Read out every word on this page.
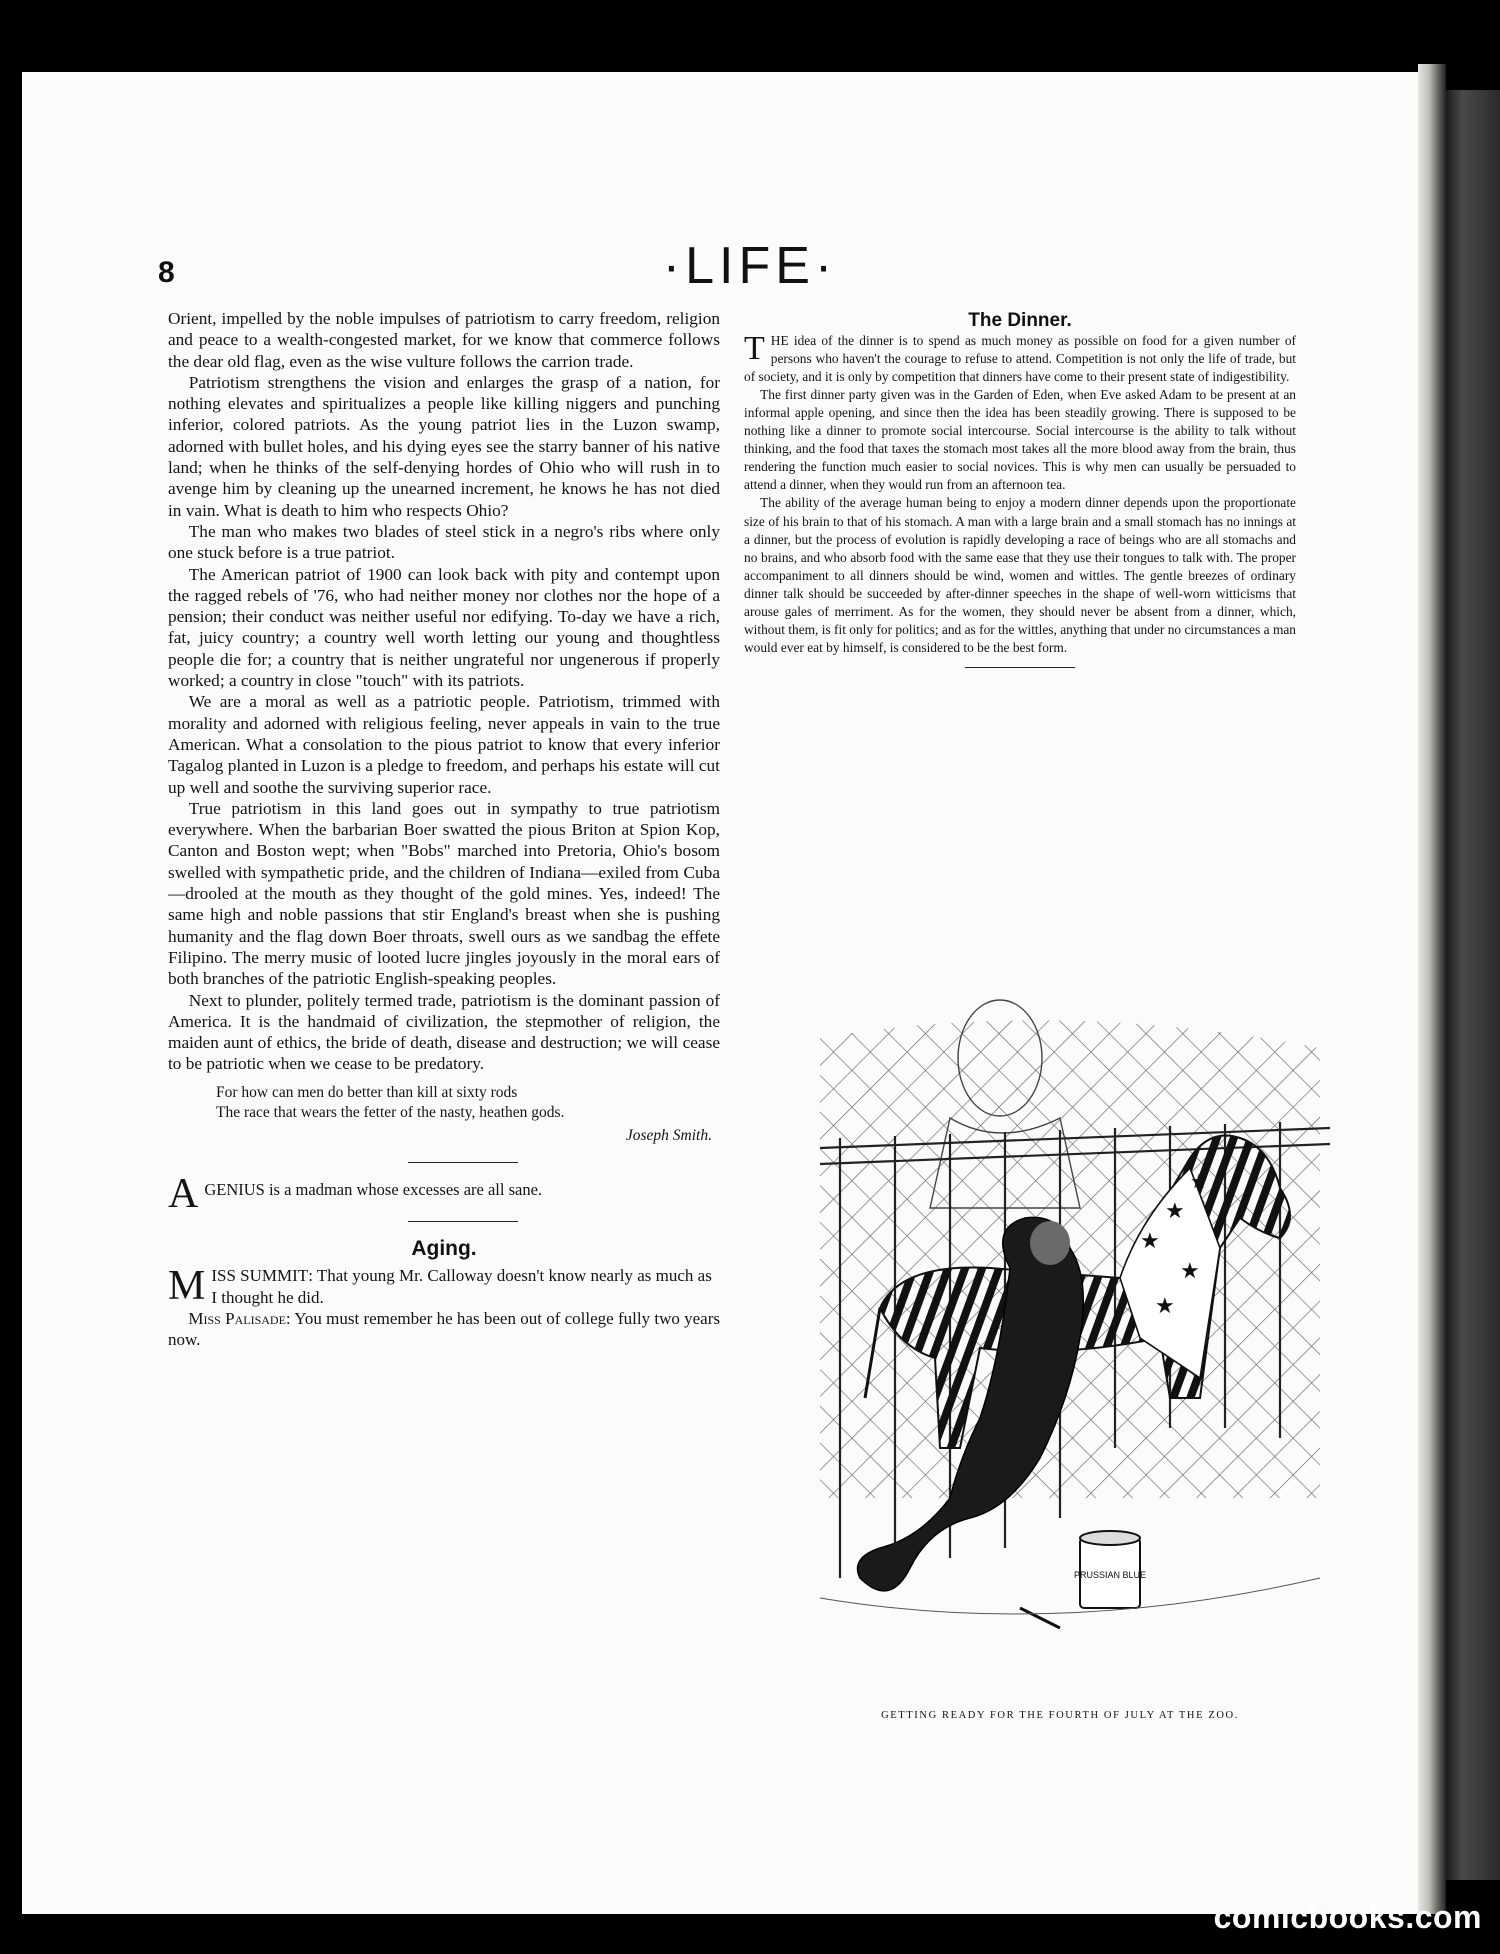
8	·LIFE·

Orient, impelled by the noble impulses of patriotism to carry freedom, religion and peace to a wealth-congested market, for we know that commerce follows the dear old flag, even as the wise vulture follows the carrion trade.

Patriotism strengthens the vision and enlarges the grasp of a nation, for nothing elevates and spiritualizes a people like killing niggers and punching inferior, colored patriots. As the young patriot lies in the Luzon swamp, adorned with bullet holes, and his dying eyes see the starry banner of his native land; when he thinks of the self-denying hordes of Ohio who will rush in to avenge him by cleaning up the unearned increment, he knows he has not died in vain. What is death to him who respects Ohio?

The man who makes two blades of steel stick in a negro's ribs where only one stuck before is a true patriot.

The American patriot of 1900 can look back with pity and contempt upon the ragged rebels of '76, who had neither money nor clothes nor the hope of a pension; their conduct was neither useful nor edifying. To-day we have a rich, fat, juicy country; a country well worth letting our young and thoughtless people die for; a country that is neither ungrateful nor ungenerous if properly worked; a country in close "touch" with its patriots.

We are a moral as well as a patriotic people. Patriotism, trimmed with morality and adorned with religious feeling, never appeals in vain to the true American. What a consolation to the pious patriot to know that every inferior Tagalog planted in Luzon is a pledge to freedom, and perhaps his estate will cut up well and soothe the surviving superior race.

True patriotism in this land goes out in sympathy to true patriotism everywhere. When the barbarian Boer swatted the pious Briton at Spion Kop, Canton and Boston wept; when "Bobs" marched into Pretoria, Ohio's bosom swelled with sympathetic pride, and the children of Indiana—exiled from Cuba—drooled at the mouth as they thought of the gold mines. Yes, indeed! The same high and noble passions that stir England's breast when she is pushing humanity and the flag down Boer throats, swell ours as we sandbag the effete Filipino. The merry music of looted lucre jingles joyously in the moral ears of both branches of the patriotic English-speaking peoples.

Next to plunder, politely termed trade, patriotism is the dominant passion of America. It is the handmaid of civilization, the stepmother of religion, the maiden aunt of ethics, the bride of death, disease and destruction; we will cease to be patriotic when we cease to be predatory.

For how can men do better than kill at sixty rods
The race that wears the fetter of the nasty, heathen gods.
Joseph Smith.
A GENIUS is a madman whose excesses are all sane.
Aging.
M ISS SUMMIT: That young Mr. Calloway doesn't know nearly as much as I thought he did.

Miss Palisade: You must remember he has been out of college fully two years now.

The Dinner.

THE idea of the dinner is to spend as much money as possible on food for a given number of persons who haven't the courage to refuse to attend. Competition is not only the life of trade, but of society, and it is only by competition that dinners have come to their present state of indigestibility.

The first dinner party given was in the Garden of Eden, when Eve asked Adam to be present at an informal apple opening, and since then the idea has been steadily growing. There is supposed to be nothing like a dinner to promote social intercourse. Social intercourse is the ability to talk without thinking, and the food that taxes the stomach most takes all the more blood away from the brain, thus rendering the function much easier to social novices. This is why men can usually be persuaded to attend a dinner, when they would run from an afternoon tea.

The ability of the average human being to enjoy a modern dinner depends upon the proportionate size of his brain to that of his stomach. A man with a large brain and a small stomach has no innings at a dinner, but the process of evolution is rapidly developing a race of beings who are all stomachs and no brains, and who absorb food with the same ease that they use their tongues to talk with. The proper accompaniment to all dinners should be wind, women and wittles. The gentle breezes of ordinary dinner talk should be succeeded by after-dinner speeches in the shape of well-worn witticisms that arouse gales of merriment. As for the women, they should never be absent from a dinner, which, without them, is fit only for politics; and as for the wittles, anything that under no circumstances a man would ever eat by himself, is considered to be the best form.

★
★
★
★
★
PRUSSIAN BLUE
GETTING READY FOR THE FOURTH OF JULY AT THE ZOO.
comicbooks.com
